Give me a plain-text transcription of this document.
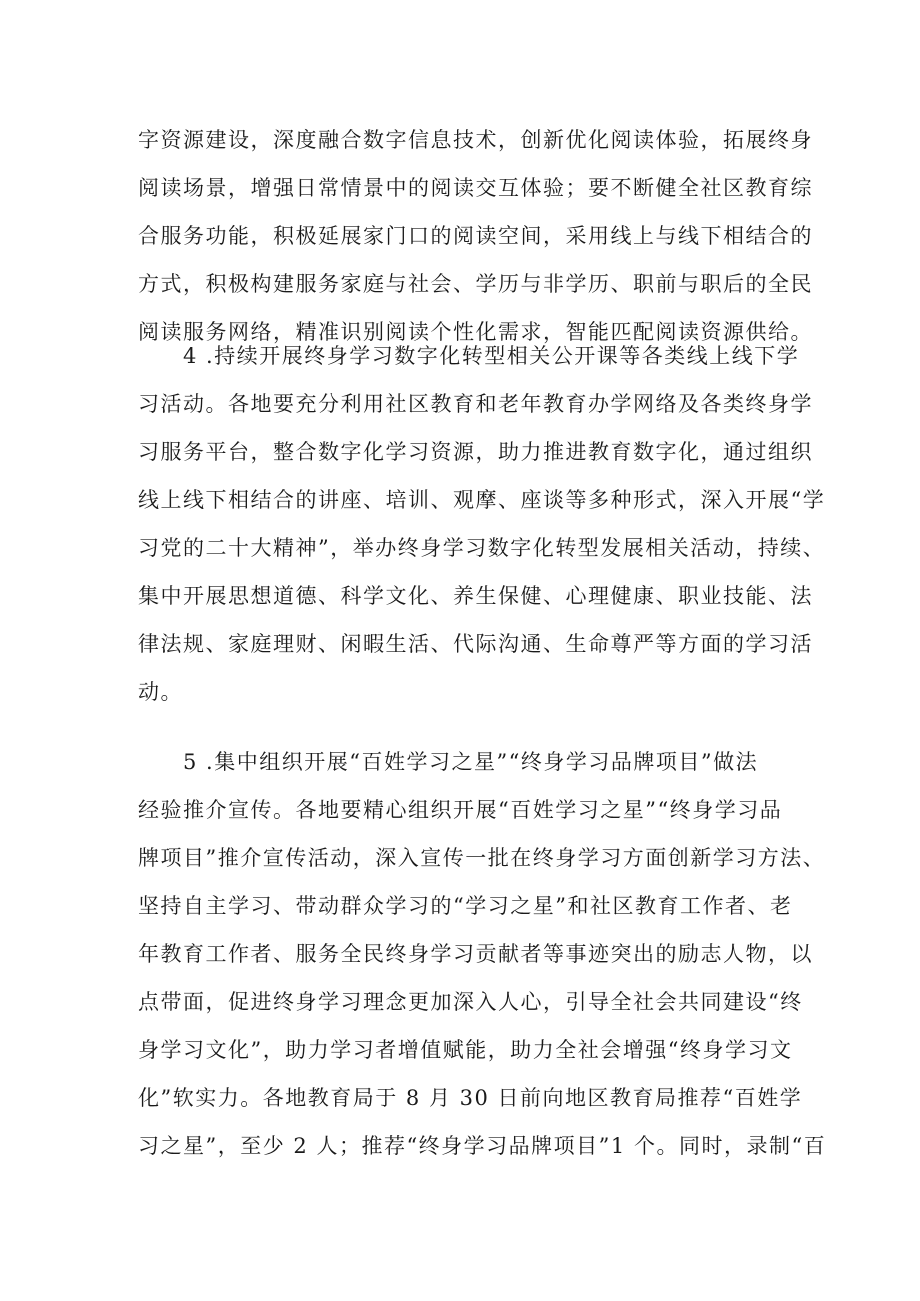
字资源建设，深度融合数字信息技术，创新优化阅读体验，拓展终身
阅读场景，增强日常情景中的阅读交互体验；要不断健全社区教育综
合服务功能，积极延展家门口的阅读空间，采用线上与线下相结合的
方式，积极构建服务家庭与社会、学历与非学历、职前与职后的全民
阅读服务网络，精准识别阅读个性化需求，智能匹配阅读资源供给。
　　4 .持续开展终身学习数字化转型相关公开课等各类线上线下学
习活动。各地要充分利用社区教育和老年教育办学网络及各类终身学
习服务平台，整合数字化学习资源，助力推进教育数字化，通过组织
线上线下相结合的讲座、培训、观摩、座谈等多种形式，深入开展“学
习党的二十大精神”，举办终身学习数字化转型发展相关活动，持续、
集中开展思想道德、科学文化、养生保健、心理健康、职业技能、法
律法规、家庭理财、闲暇生活、代际沟通、生命尊严等方面的学习活
动。
　　5 .集中组织开展“百姓学习之星”“终身学习品牌项目”做法
经验推介宣传。各地要精心组织开展“百姓学习之星”“终身学习品
牌项目”推介宣传活动，深入宣传一批在终身学习方面创新学习方法、
坚持自主学习、带动群众学习的“学习之星”和社区教育工作者、老
年教育工作者、服务全民终身学习贡献者等事迹突出的励志人物，以
点带面，促进终身学习理念更加深入人心，引导全社会共同建设“终
身学习文化”，助力学习者增值赋能，助力全社会增强“终身学习文
化”软实力。各地教育局于 8 月 30 日前向地区教育局推荐“百姓学
习之星”，至少 2 人；推荐“终身学习品牌项目”1 个。同时，录制“百
